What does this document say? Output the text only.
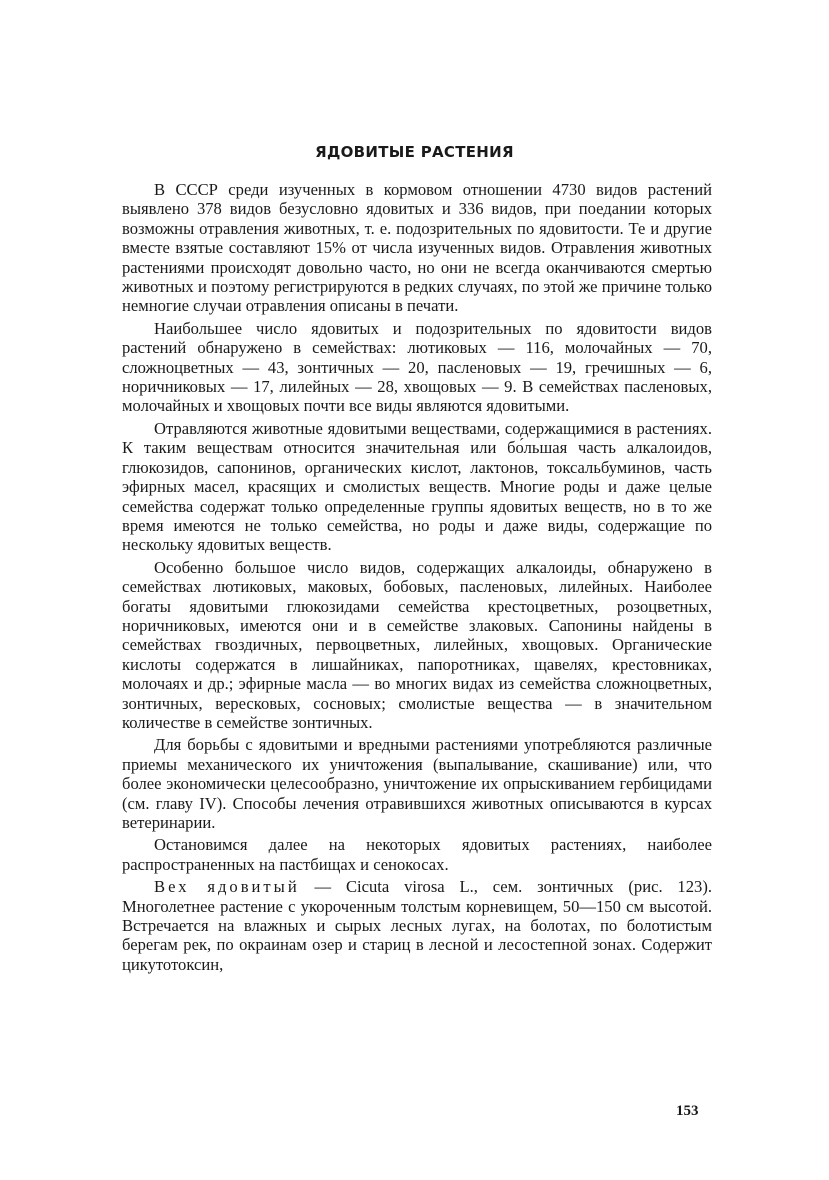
ЯДОВИТЫЕ РАСТЕНИЯ

В СССР среди изученных в кормовом отношении 4730 видов растений выявлено 378 видов безусловно ядовитых и 336 видов, при поедании которых возможны отравления животных, т. е. подозрительных по ядовитости. Те и другие вместе взятые составляют 15% от числа изученных видов. Отравления животных растениями происходят довольно часто, но они не всегда оканчиваются смертью животных и поэтому регистрируются в редких случаях, по этой же причине только немногие случаи отравления описаны в печати.

Наибольшее число ядовитых и подозрительных по ядовитости видов растений обнаружено в семействах: лютиковых — 116, молочайных — 70, сложноцветных — 43, зонтичных — 20, пасленовых — 19, гречишных — 6, норичниковых — 17, лилейных — 28, хвощовых — 9. В семействах пасленовых, молочайных и хвощовых почти все виды являются ядовитыми.

Отравляются животные ядовитыми веществами, содержащимися в растениях. К таким веществам относится значительная или бо́льшая часть алкалоидов, глюкозидов, сапонинов, органических кислот, лактонов, токсальбуминов, часть эфирных масел, красящих и смолистых веществ. Многие роды и даже целые семейства содержат только определенные группы ядовитых веществ, но в то же время имеются не только семейства, но роды и даже виды, содержащие по нескольку ядовитых веществ.

Особенно большое число видов, содержащих алкалоиды, обнаружено в семействах лютиковых, маковых, бобовых, пасленовых, лилейных. Наиболее богаты ядовитыми глюкозидами семейства крестоцветных, розоцветных, норичниковых, имеются они и в семействе злаковых. Сапонины найдены в семействах гвоздичных, первоцветных, лилейных, хвощовых. Органические кислоты содержатся в лишайниках, папоротниках, щавелях, крестовниках, молочаях и др.; эфирные масла — во многих видах из семейства сложноцветных, зонтичных, вересковых, сосновых; смолистые вещества — в значительном количестве в семействе зонтичных.

Для борьбы с ядовитыми и вредными растениями употребляются различные приемы механического их уничтожения (выпалывание, скашивание) или, что более экономически целесообразно, уничтожение их опрыскиванием гербицидами (см. главу IV). Способы лечения отравившихся животных описываются в курсах ветеринарии.

Остановимся далее на некоторых ядовитых растениях, наиболее распространенных на пастбищах и сенокосах.

Вех ядовитый — Cicuta virosa L., сем. зонтичных (рис. 123). Многолетнее растение с укороченным толстым корневищем, 50—150 см высотой. Встречается на влажных и сырых лесных лугах, на болотах, по болотистым берегам рек, по окраинам озер и стариц в лесной и лесостепной зонах. Содержит цикутотоксин,

153
